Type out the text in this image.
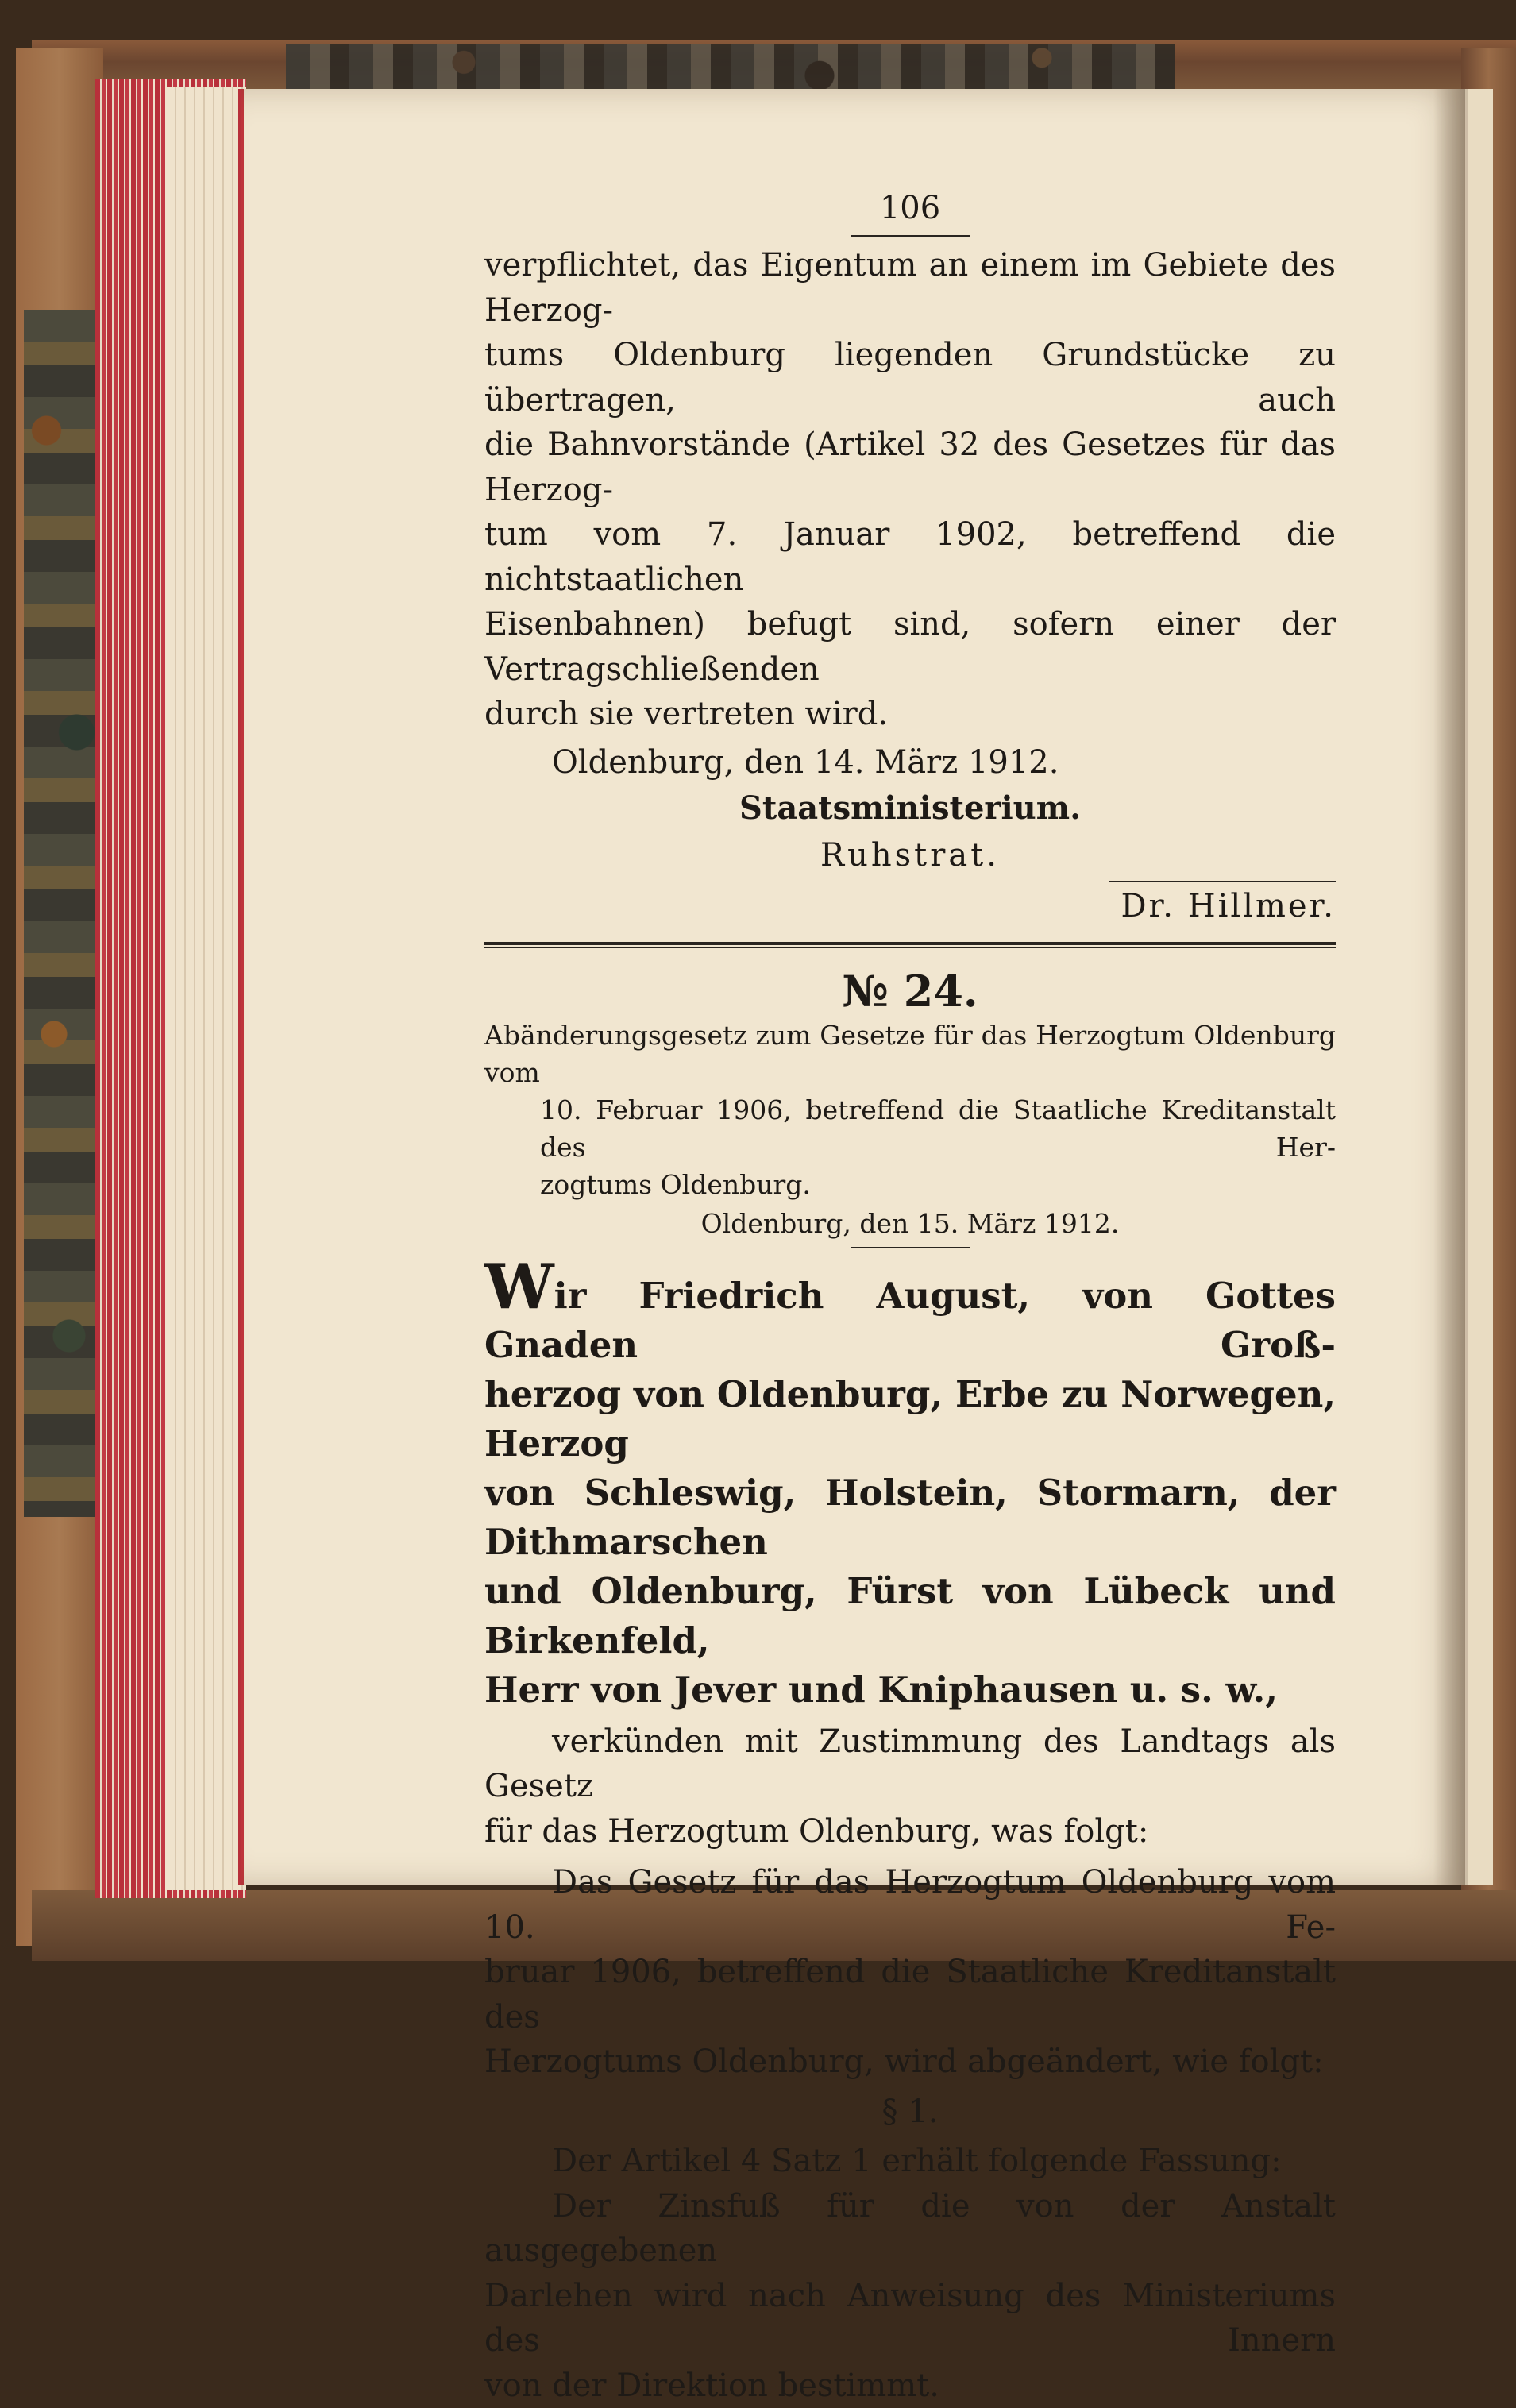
106

verpflichtet, das Eigentum an einem im Gebiete des Herzog-

tums Oldenburg liegenden Grundstücke zu übertragen, auch

die Bahnvorstände (Artikel 32 des Gesetzes für das Herzog-

tum vom 7. Januar 1902, betreffend die nichtstaatlichen

Eisenbahnen) befugt sind, sofern einer der Vertragschließenden

durch sie vertreten wird.

Oldenburg, den 14. März 1912.

Staatsministerium.

Ruhstrat.

Dr. Hillmer.

№ 24.

Abänderungsgesetz zum Gesetze für das Herzogtum Oldenburg vom

10. Februar 1906, betreffend die Staatliche Kreditanstalt des Her-

zogtums Oldenburg.

Oldenburg, den 15. März 1912.

Wir Friedrich August, von Gottes Gnaden Groß-

herzog von Oldenburg, Erbe zu Norwegen, Herzog

von Schleswig, Holstein, Stormarn, der Dithmarschen

und Oldenburg, Fürst von Lübeck und Birkenfeld,

Herr von Jever und Kniphausen u. s. w.,

verkünden mit Zustimmung des Landtags als Gesetz

für das Herzogtum Oldenburg, was folgt:

Das Gesetz für das Herzogtum Oldenburg vom 10. Fe-

bruar 1906, betreffend die Staatliche Kreditanstalt des

Herzogtums Oldenburg, wird abgeändert, wie folgt:

§ 1.

Der Artikel 4 Satz 1 erhält folgende Fassung:

Der Zinsfuß für die von der Anstalt ausgegebenen

Darlehen wird nach Anweisung des Ministeriums des Innern

von der Direktion bestimmt.
